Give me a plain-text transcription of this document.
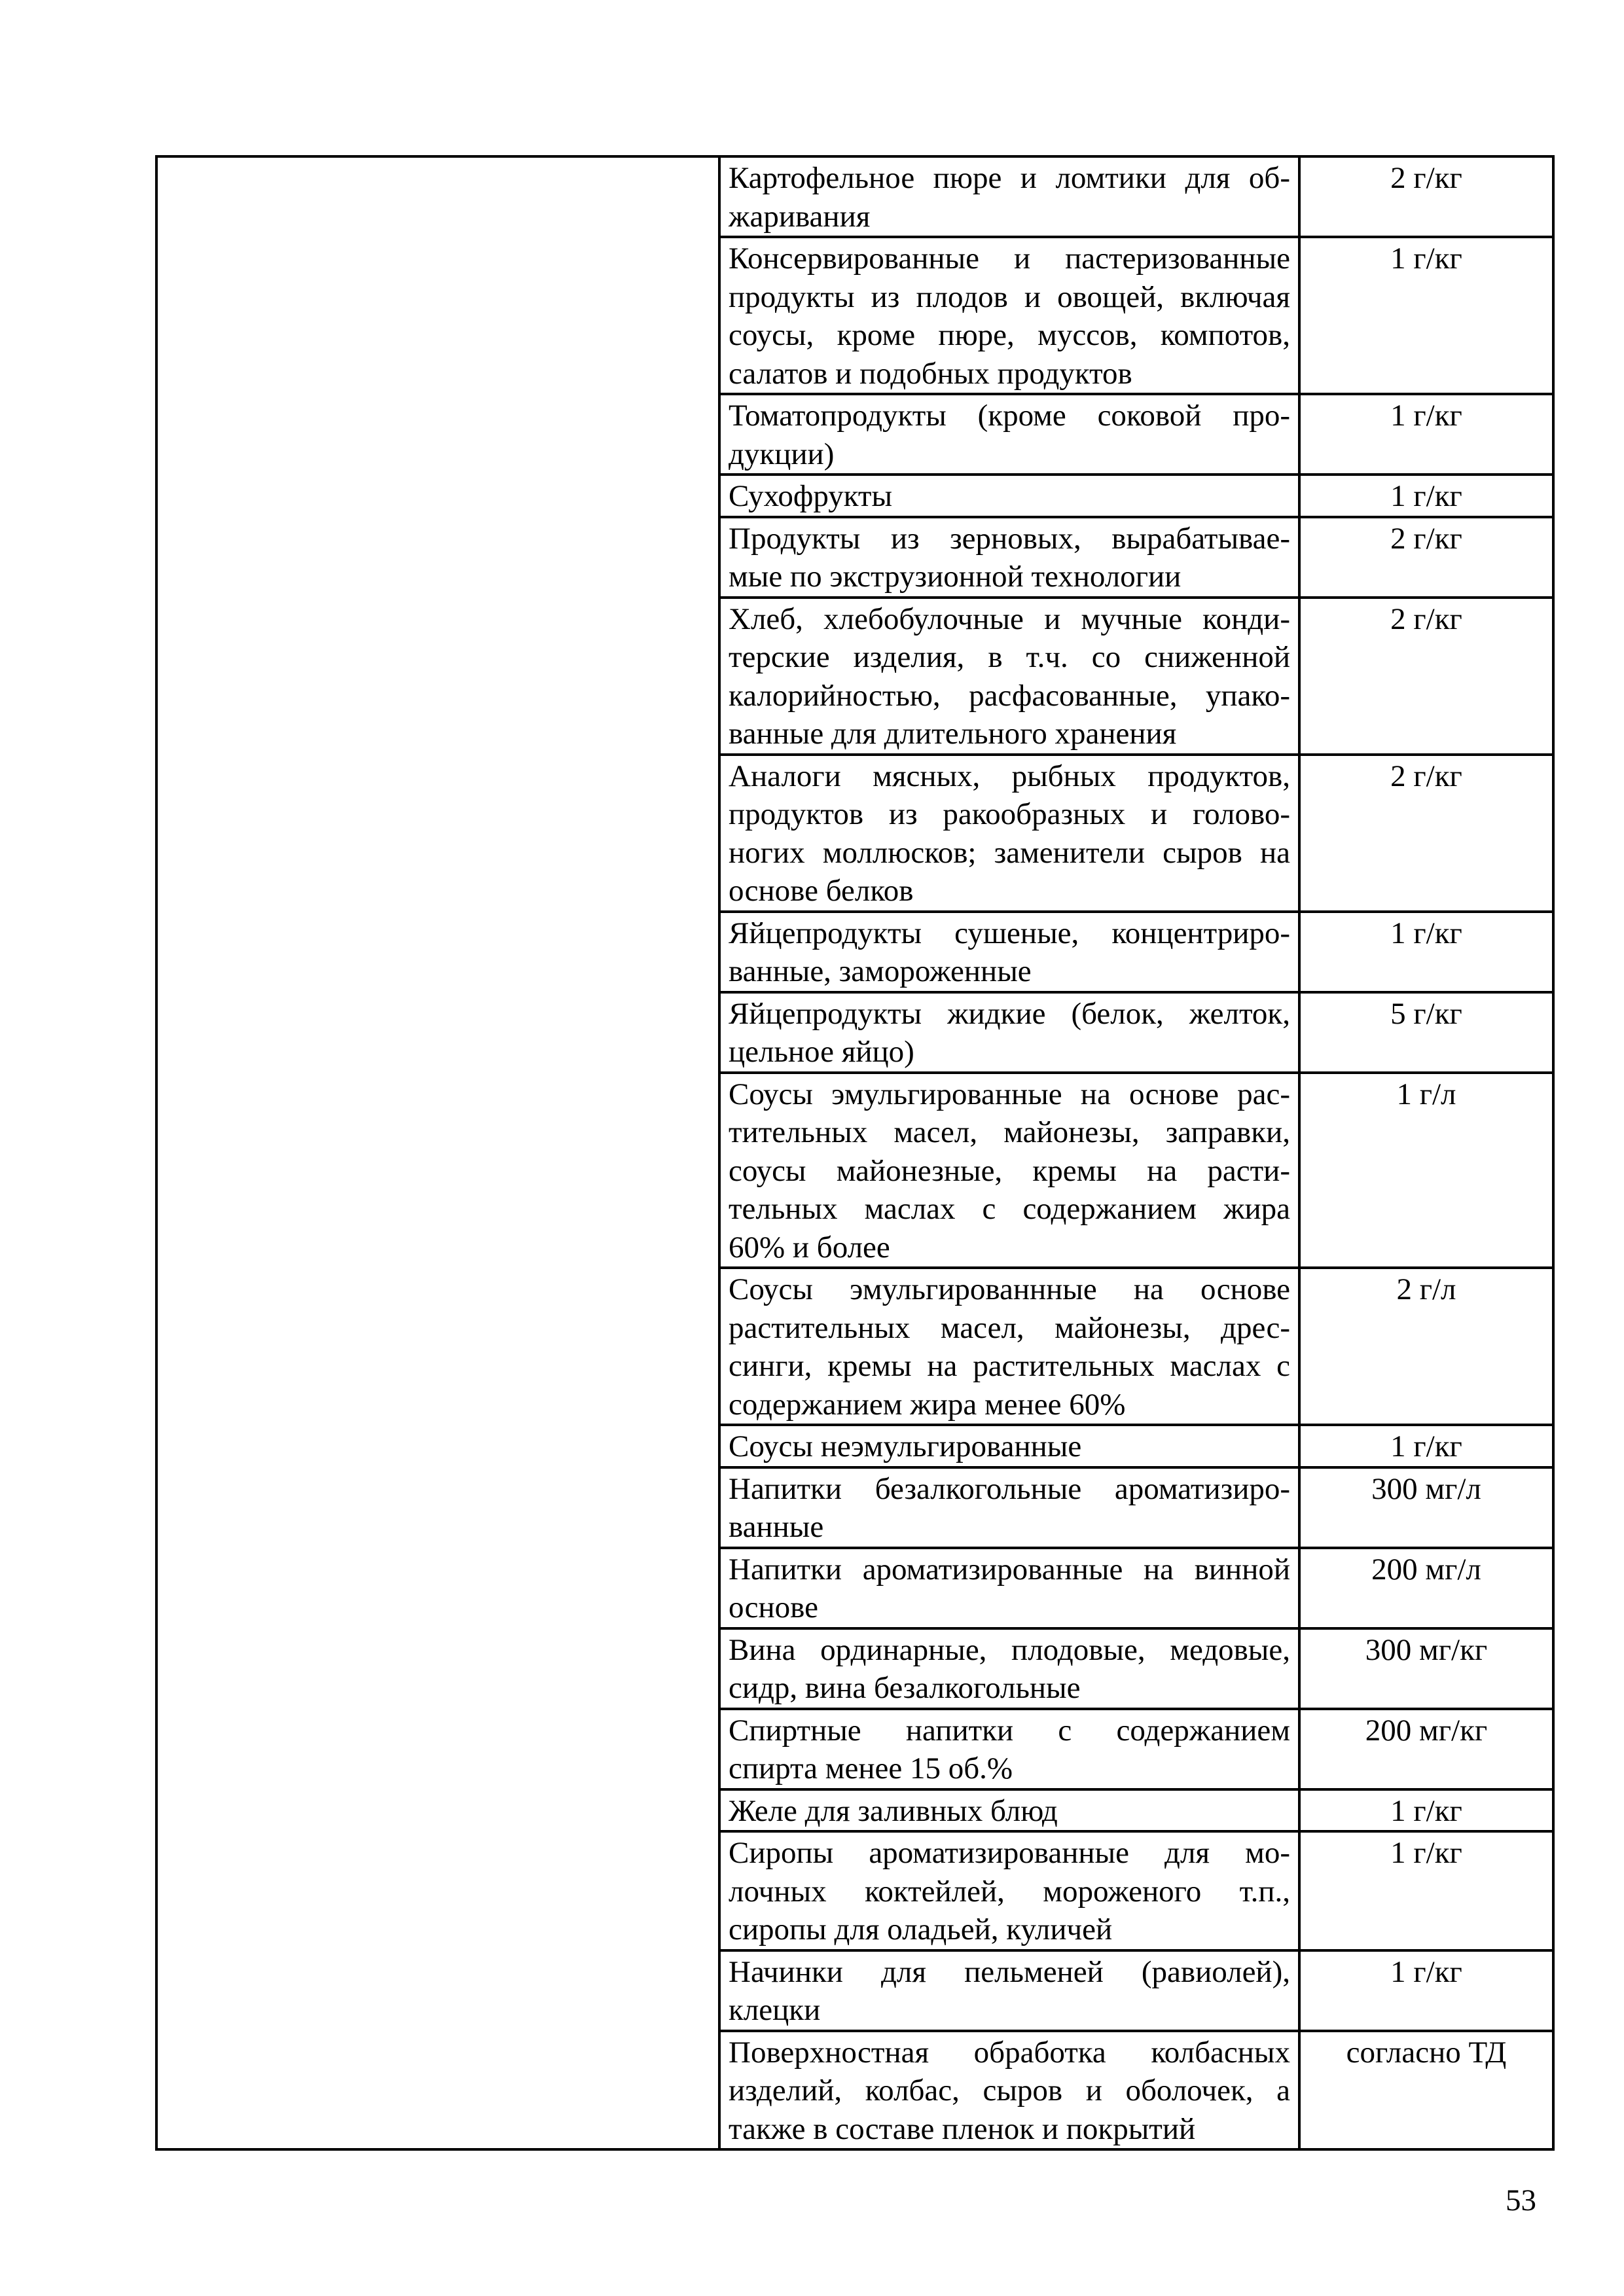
	Картофельное пюре и ломтики для об-
жаривания	2 г/кг

	Консервированные и пастеризованные
продукты из плодов и овощей, включая
соусы, кроме пюре, муссов, компотов,
салатов и подобных продуктов	1 г/кг

	Томатопродукты (кроме соковой про-
дукции)	1 г/кг

	Сухофрукты	1 г/кг

	Продукты из зерновых, вырабатывае-
мые по экструзионной технологии	2 г/кг

	Хлеб, хлебобулочные и мучные конди-
терские изделия, в т.ч. со сниженной
калорийностью, расфасованные, упако-
ванные для длительного хранения	2 г/кг

	Аналоги мясных, рыбных продуктов,
продуктов из ракообразных и голово-
ногих моллюсков; заменители сыров на
основе белков	2 г/кг

	Яйцепродукты сушеные, концентриро-
ванные, замороженные	1 г/кг

	Яйцепродукты жидкие (белок, желток,
цельное яйцо)	5 г/кг

	Соусы эмульгированные на основе рас-
тительных масел, майонезы, заправки,
соусы майонезные, кремы на расти-
тельных маслах с содержанием жира
60% и более	1 г/л

	Соусы эмульгированнные на основе
растительных масел, майонезы, дрес-
синги, кремы на растительных маслах с
содержанием жира менее 60%	2 г/л

	Соусы неэмульгированные	1 г/кг

	Напитки безалкогольные ароматизиро-
ванные	300 мг/л

	Напитки ароматизированные на винной
основе	200 мг/л

	Вина ординарные, плодовые, медовые,
сидр, вина безалкогольные	300 мг/кг

	Спиртные напитки с содержанием
спирта менее 15 об.%	200 мг/кг

	Желе для заливных блюд	1 г/кг

	Сиропы ароматизированные для мо-
лочных коктейлей, мороженого т.п.,
сиропы для оладьей, куличей	1 г/кг

	Начинки для пельменей (равиолей),
клецки	1 г/кг

	Поверхностная обработка колбасных
изделий, колбас, сыров и оболочек, а
также в составе пленок и покрытий	согласно ТД
53
